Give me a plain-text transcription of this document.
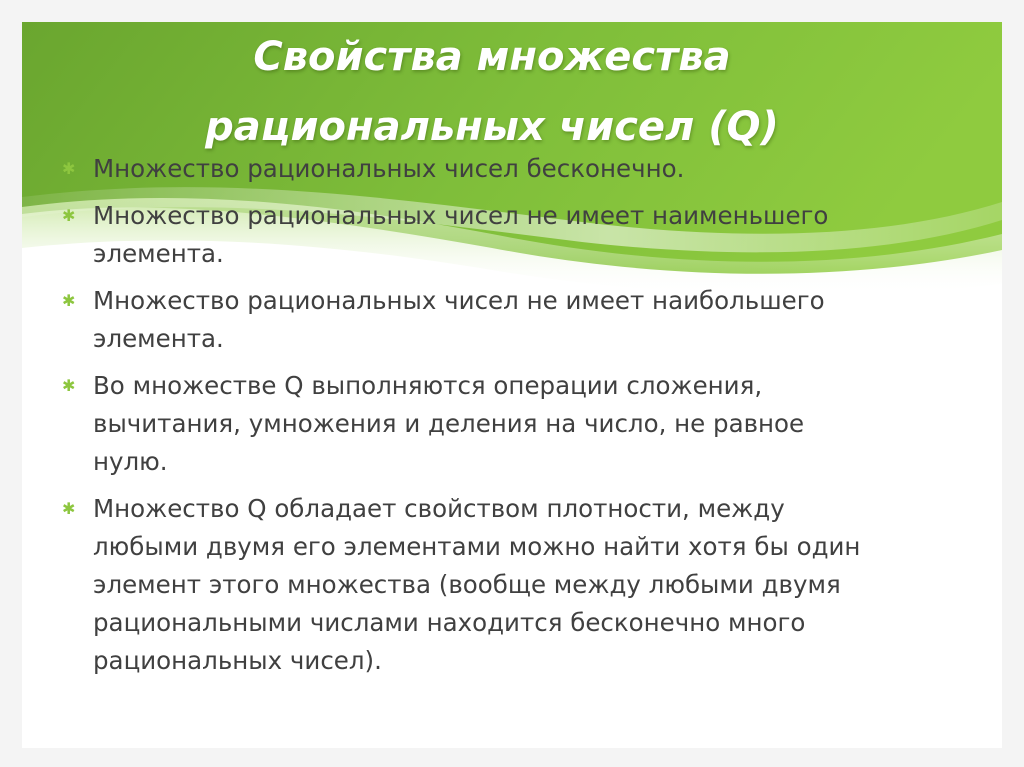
Свойства множества
рациональных чисел (Q)
✱ Множество рациональных чисел бесконечно.
✱ Множество рациональных чисел не имеет наименьшего элемента.
✱ Множество рациональных чисел не имеет наибольшего элемента.
✱ Во множестве Q выполняются операции сложения, вычитания, умножения и деления на число, не равное нулю.
✱ Множество Q обладает свойством плотности, между любыми двумя его элементами можно найти хотя бы один элемент этого множества (вообще между любыми двумя рациональными числами находится бесконечно много рациональных чисел).
